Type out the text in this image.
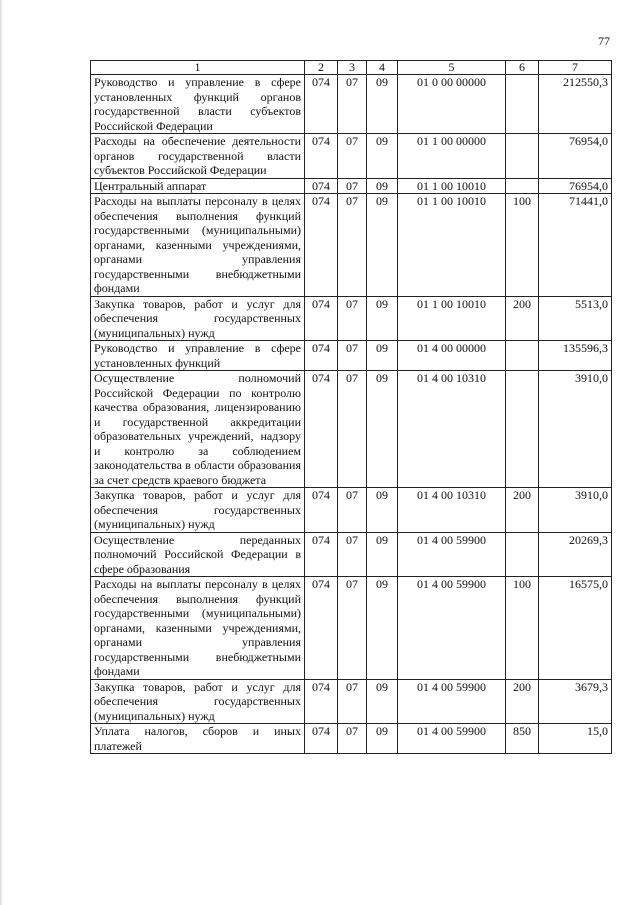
77
1	2	3	4	5	6	7
Руководство и управление в сфере установленных функций органов государственной власти субъектов Российской Федерации	074	07	09	01 0 00 00000		212550,3
Расходы на обеспечение деятельности органов государственной власти субъектов Российской Федерации	074	07	09	01 1 00 00000		76954,0
Центральный аппарат	074	07	09	01 1 00 10010		76954,0
Расходы на выплаты персоналу в целях обеспечения выполнения функций государственными (муниципальными) органами, казенными учреждениями, органами управления государственными внебюджетными фондами	074	07	09	01 1 00 10010	100	71441,0
Закупка товаров, работ и услуг для обеспечения государственных (муниципальных) нужд	074	07	09	01 1 00 10010	200	5513,0
Руководство и управление в сфере установленных функций	074	07	09	01 4 00 00000		135596,3
Осуществление полномочий Российской Федерации по контролю качества образования, лицензированию и государственной аккредитации образовательных учреждений, надзору и контролю за соблюдением законодательства в области образования за счет средств краевого бюджета	074	07	09	01 4 00 10310		3910,0
Закупка товаров, работ и услуг для обеспечения государственных (муниципальных) нужд	074	07	09	01 4 00 10310	200	3910,0
Осуществление переданных полномочий Российской Федерации в сфере образования	074	07	09	01 4 00 59900		20269,3
Расходы на выплаты персоналу в целях обеспечения выполнения функций государственными (муниципальными) органами, казенными учреждениями, органами управления государственными внебюджетными фондами	074	07	09	01 4 00 59900	100	16575,0
Закупка товаров, работ и услуг для обеспечения государственных (муниципальных) нужд	074	07	09	01 4 00 59900	200	3679,3
Уплата налогов, сборов и иных платежей	074	07	09	01 4 00 59900	850	15,0
